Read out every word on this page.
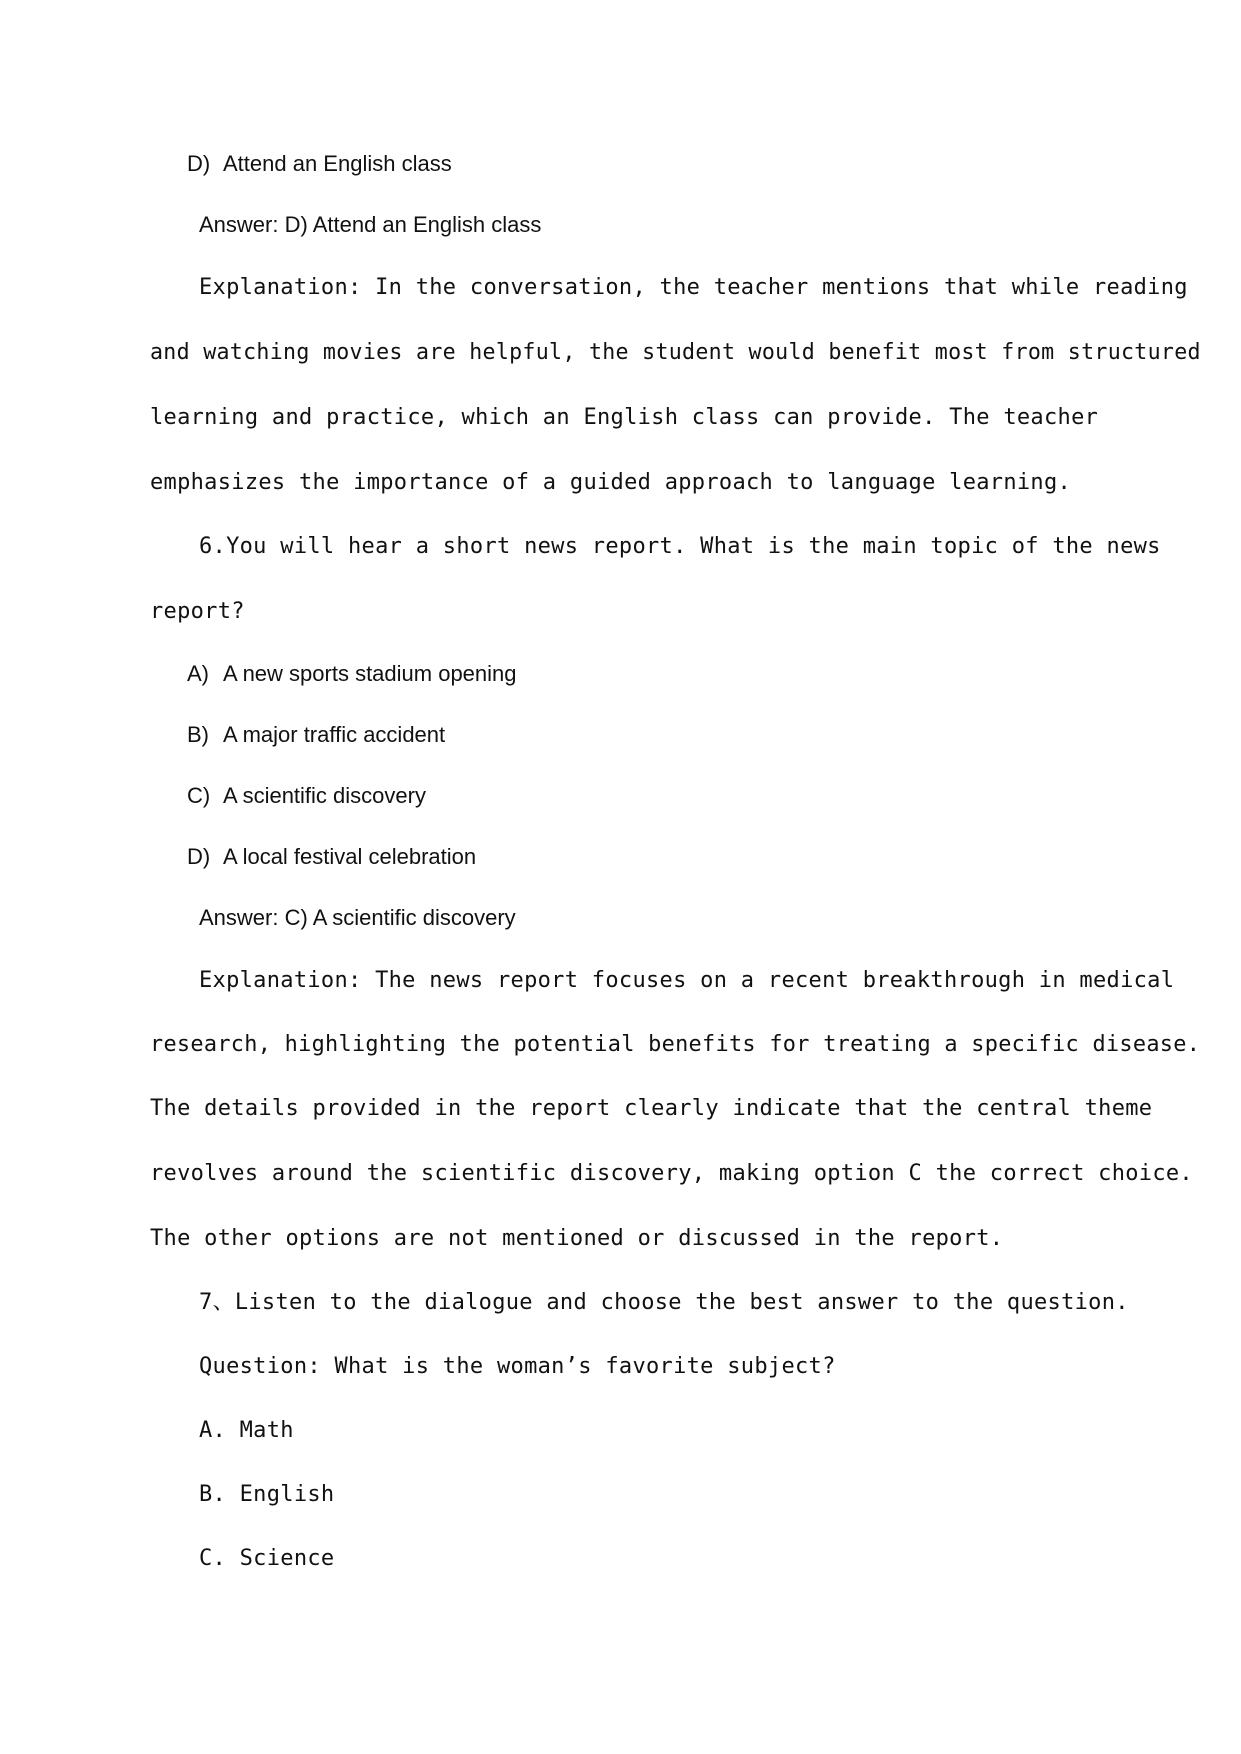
D) Attend an English class
Answer: D) Attend an English class
Explanation: In the conversation, the teacher mentions that while reading
and watching movies are helpful, the student would benefit most from structured
learning and practice, which an English class can provide. The teacher
emphasizes the importance of a guided approach to language learning.
6.You will hear a short news report. What is the main topic of the news
report?
A) A new sports stadium opening
B) A major traffic accident
C) A scientific discovery
D) A local festival celebration
Answer: C) A scientific discovery
Explanation: The news report focuses on a recent breakthrough in medical
research, highlighting the potential benefits for treating a specific disease.
The details provided in the report clearly indicate that the central theme
revolves around the scientific discovery, making option C the correct choice.
The other options are not mentioned or discussed in the report.
7、Listen to the dialogue and choose the best answer to the question.
Question: What is the woman’s favorite subject?
A. Math
B. English
C. Science
